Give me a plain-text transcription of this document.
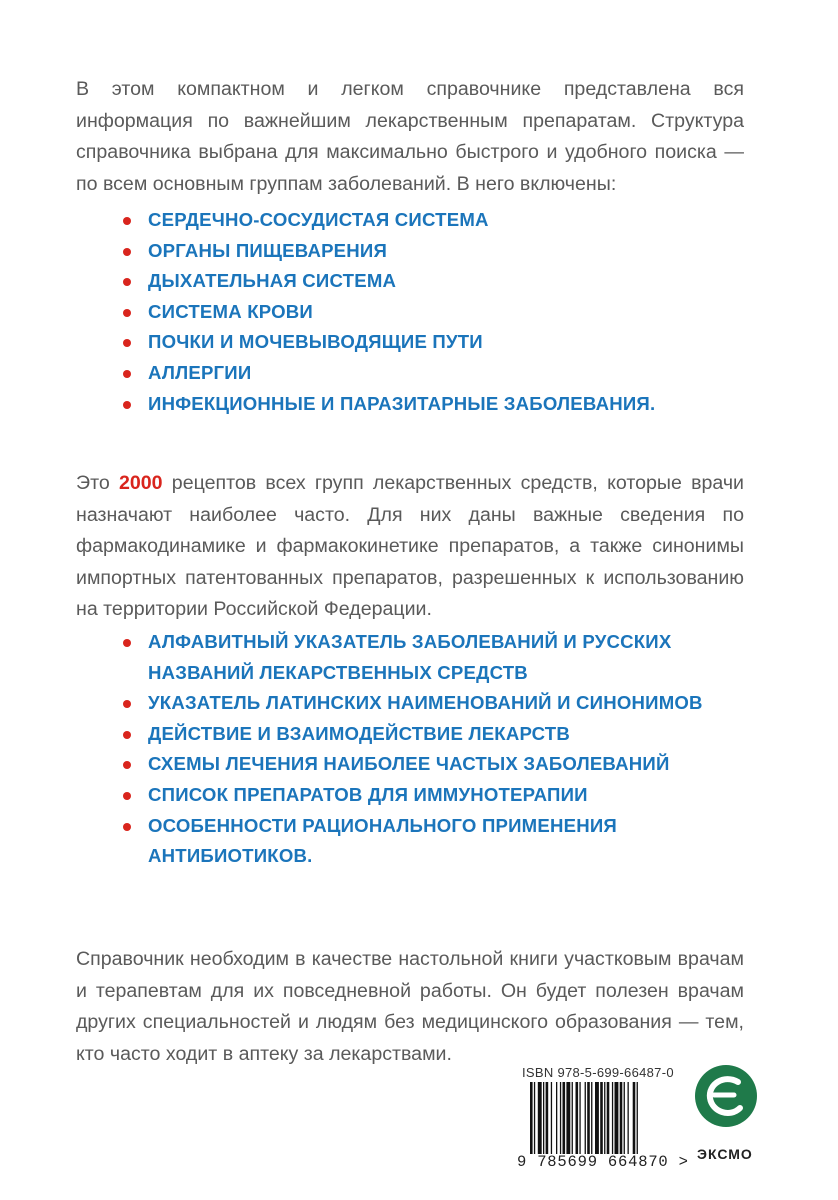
В этом компактном и легком справочнике представлена вся информация по важнейшим лекарственным препаратам. Структура справочника выбрана для максимально быстрого и удобного поиска — по всем основным группам заболеваний. В него включены:

СЕРДЕЧНО-СОСУДИСТАЯ СИСТЕМА
ОРГАНЫ ПИЩЕВАРЕНИЯ
ДЫХАТЕЛЬНАЯ СИСТЕМА
СИСТЕМА КРОВИ
ПОЧКИ И МОЧЕВЫВОДЯЩИЕ ПУТИ
АЛЛЕРГИИ
ИНФЕКЦИОННЫЕ И ПАРАЗИТАРНЫЕ ЗАБОЛЕВАНИЯ.

Это 2000 рецептов всех групп лекарственных средств, которые врачи назначают наиболее часто. Для них даны важные сведения по фармакодинамике и фармакокинетике препаратов, а также синонимы импортных патентованных препаратов, разрешенных к использованию на территории Российской Федерации.

АЛФАВИТНЫЙ УКАЗАТЕЛЬ ЗАБОЛЕВАНИЙ И РУССКИХ НАЗВАНИЙ ЛЕКАРСТВЕННЫХ СРЕДСТВ
УКАЗАТЕЛЬ ЛАТИНСКИХ НАИМЕНОВАНИЙ И СИНОНИМОВ
ДЕЙСТВИЕ И ВЗАИМОДЕЙСТВИЕ ЛЕКАРСТВ
СХЕМЫ ЛЕЧЕНИЯ НАИБОЛЕЕ ЧАСТЫХ ЗАБОЛЕВАНИЙ
СПИСОК ПРЕПАРАТОВ ДЛЯ ИММУНОТЕРАПИИ
ОСОБЕННОСТИ РАЦИОНАЛЬНОГО ПРИМЕНЕНИЯ АНТИБИОТИКОВ.

Справочник необходим в качестве настольной книги участковым врачам и терапевтам для их повседневной работы. Он будет полезен врачам других специальностей и людям без медицинского образования — тем, кто часто ходит в аптеку за лекарствами.

ISBN 978-5-699-66487-0
9 785699 664870 > ЭКСМО
